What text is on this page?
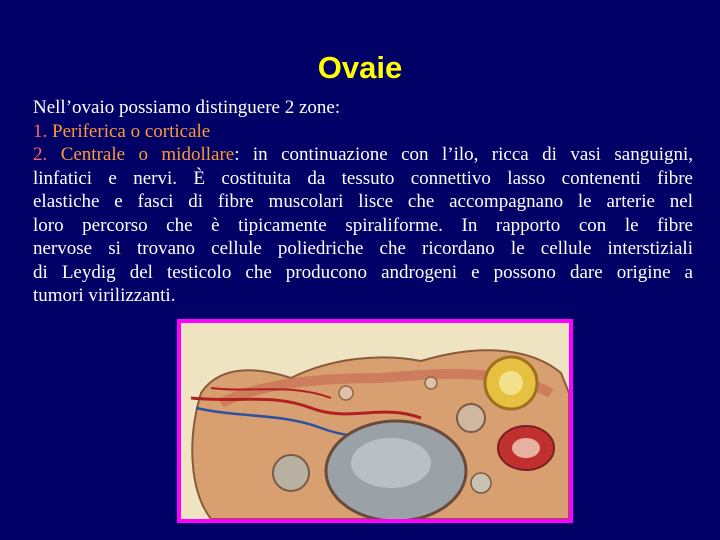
Ovaie
Nell’ovaio possiamo distinguere 2 zone:
1. Periferica o corticale
2. Centrale o midollare: in continuazione con l’ilo, ricca di vasi sanguigni,
linfatici e nervi. È costituita da tessuto connettivo lasso contenenti fibre
elastiche e fasci di fibre muscolari lisce che accompagnano le arterie nel
loro percorso che è tipicamente spiraliforme. In rapporto con le fibre
nervose si trovano cellule poliedriche che ricordano le cellule interstiziali
di Leydig del testicolo che producono androgeni e possono dare origine a
tumori virilizzanti.
